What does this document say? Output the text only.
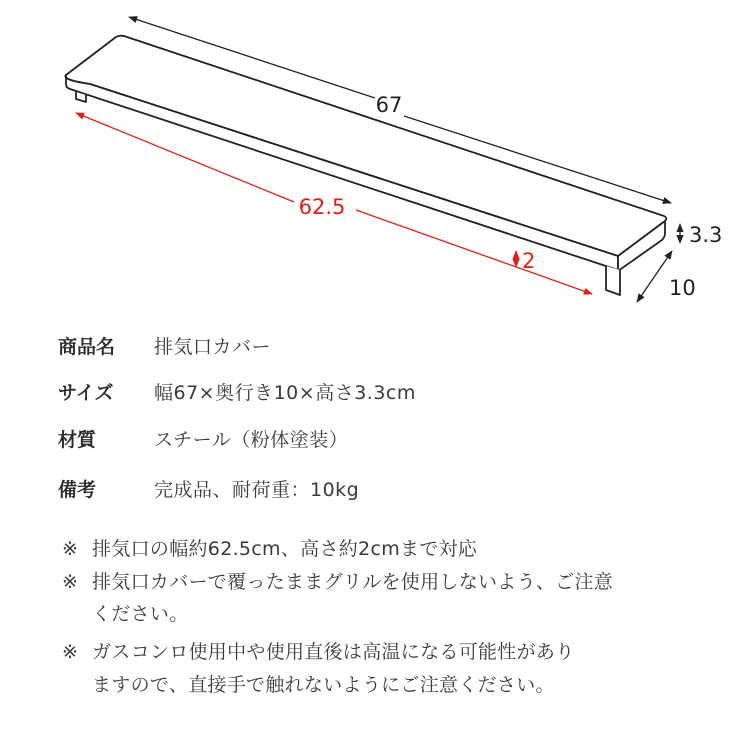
67
62.5
2
3.3
10
商品名 排気口カバー
サイズ 幅67×奥行き10×高さ3.3cm
材質	スチール（粉体塗装）
備考	完成品、耐荷重：10kg
※ 排気口の幅約62.5cm、高さ約2cmまで対応
※ 排気口カバーで覆ったままグリルを使用しないよう、ご注意
ください。
※ ガスコンロ使用中や使用直後は高温になる可能性があり
ますので、直接手で触れないようにご注意ください。
